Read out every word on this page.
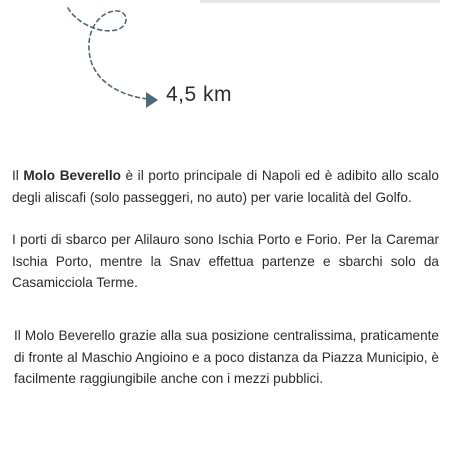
4,5 km

Il Molo Beverello è il porto principale di Napoli ed è adibito allo scalo degli aliscafi (solo passeggeri, no auto) per varie località del Golfo.

I porti di sbarco per Alilauro sono Ischia Porto e Forio. Per la Caremar Ischia Porto, mentre la Snav effettua partenze e sbarchi solo da Casamicciola Terme.

Il Molo Beverello grazie alla sua posizione centralissima, praticamente di fronte al Maschio Angioino e a poco distanza da Piazza Municipio, è facilmente raggiungibile anche con i mezzi pubblici.
